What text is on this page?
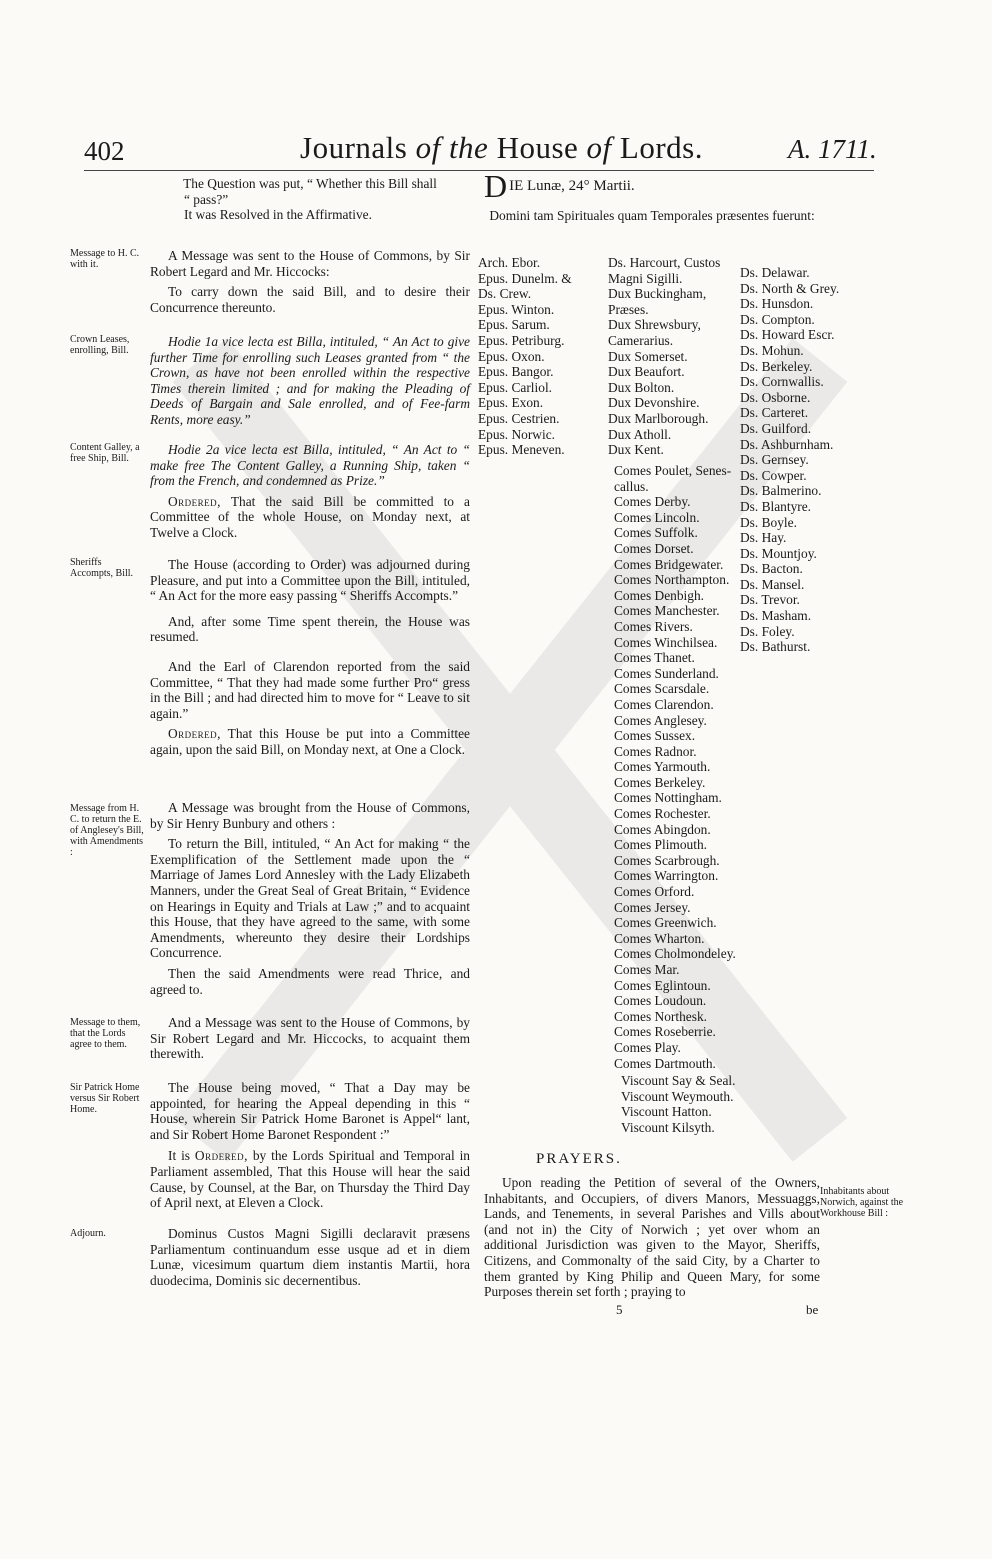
402	Journals of the House of Lords.	A. 1711.
The Question was put, “ Whether this Bill shall
“ pass?”
It was Resolved in the Affirmative.
Message to H. C. with it.

A Message was sent to the House of Commons, by Sir Robert Legard and Mr. Hiccocks:

To carry down the said Bill, and to desire their Concurrence thereunto.

Crown Leases, enrolling, Bill.

Hodie 1a vice lecta est Billa, intituled, “ An Act to give further Time for enrolling such Leases granted from “ the Crown, as have not been enrolled within the respective Times therein limited ; and for making the Pleading of Deeds of Bargain and Sale enrolled, and of Fee-farm Rents, more easy.”

Content Galley, a free Ship, Bill.

Hodie 2a vice lecta est Billa, intituled, “ An Act to “ make free The Content Galley, a Running Ship, taken “ from the French, and condemned as Prize.”

Ordered, That the said Bill be committed to a Committee of the whole House, on Monday next, at Twelve a Clock.

Sheriffs Accompts, Bill.

The House (according to Order) was adjourned during Pleasure, and put into a Committee upon the Bill, intituled, “ An Act for the more easy passing “ Sheriffs Accompts.”

And, after some Time spent therein, the House was resumed.

And the Earl of Clarendon reported from the said Committee, “ That they had made some further Pro“ gress in the Bill ; and had directed him to move for “ Leave to sit again.”

Ordered, That this House be put into a Committee again, upon the said Bill, on Monday next, at One a Clock.

Message from H. C. to return the E. of Anglesey's Bill, with Amendments :

A Message was brought from the House of Commons, by Sir Henry Bunbury and others :

To return the Bill, intituled, “ An Act for making “ the Exemplification of the Settlement made upon the “ Marriage of James Lord Annesley with the Lady Elizabeth Manners, under the Great Seal of Great Britain, “ Evidence on Hearings in Equity and Trials at Law ;” and to acquaint this House, that they have agreed to the same, with some Amendments, whereunto they desire their Lordships Concurrence.

Then the said Amendments were read Thrice, and agreed to.

Message to them, that the Lords agree to them.

And a Message was sent to the House of Commons, by Sir Robert Legard and Mr. Hiccocks, to acquaint them therewith.

Sir Patrick Home versus Sir Robert Home.

The House being moved, “ That a Day may be appointed, for hearing the Appeal depending in this “ House, wherein Sir Patrick Home Baronet is Appel“ lant, and Sir Robert Home Baronet Respondent :”

It is Ordered, by the Lords Spiritual and Temporal in Parliament assembled, That this House will hear the said Cause, by Counsel, at the Bar, on Thursday the Third Day of April next, at Eleven a Clock.

Adjourn.	Dominus Custos Magni Sigilli declaravit præsens Parliamentum continuandum esse usque ad et in diem Lunæ, vicesimum quartum diem instantis Martii, hora duodecima, Dominis sic decernentibus.

DIE Lunæ, 24° Martii.
Domini tam Spirituales quam Temporales præsentes fuerunt:
Arch. Ebor.
Epus. Dunelm. &
Ds. Crew.
Epus. Winton.
Epus. Sarum.
Epus. Petriburg.
Epus. Oxon.
Epus. Bangor.
Epus. Carliol.
Epus. Exon.
Epus. Cestrien.
Epus. Norwic.
Epus. Meneven.
Ds. Harcourt, Custos
Magni Sigilli.
Dux Buckingham,
Præses.
Dux Shrewsbury,
Camerarius.
Dux Somerset.
Dux Beaufort.
Dux Bolton.
Dux Devonshire.
Dux Marlborough.
Dux Atholl.
Dux Kent.
Comes Poulet, Senes-
callus.
Comes Derby.
Comes Lincoln.
Comes Suffolk.
Comes Dorset.
Comes Bridgewater.
Comes Northampton.
Comes Denbigh.
Comes Manchester.
Comes Rivers.
Comes Winchilsea.
Comes Thanet.
Comes Sunderland.
Comes Scarsdale.
Comes Clarendon.
Comes Anglesey.
Comes Sussex.
Comes Radnor.
Comes Yarmouth.
Comes Berkeley.
Comes Nottingham.
Comes Rochester.
Comes Abingdon.
Comes Plimouth.
Comes Scarbrough.
Comes Warrington.
Comes Orford.
Comes Jersey.
Comes Greenwich.
Comes Wharton.
Comes Cholmondeley.
Comes Mar.
Comes Eglintoun.
Comes Loudoun.
Comes Northesk.
Comes Roseberrie.
Comes Play.
Comes Dartmouth.
Viscount Say & Seal.
Viscount Weymouth.
Viscount Hatton.
Viscount Kilsyth.
Ds. Delawar.
Ds. North & Grey.
Ds. Hunsdon.
Ds. Compton.
Ds. Howard Escr.
Ds. Mohun.
Ds. Berkeley.
Ds. Cornwallis.
Ds. Osborne.
Ds. Carteret.
Ds. Guilford.
Ds. Ashburnham.
Ds. Gernsey.
Ds. Cowper.
Ds. Balmerino.
Ds. Blantyre.
Ds. Boyle.
Ds. Hay.
Ds. Mountjoy.
Ds. Bacton.
Ds. Mansel.
Ds. Trevor.
Ds. Masham.
Ds. Foley.
Ds. Bathurst.
PRAYERS.

Upon reading the Petition of several of the Owners, Inhabitants, and Occupiers, of divers Manors, Messuaggs, Lands, and Tenements, in several Parishes and Vills about (and not in) the City of Norwich ; yet over whom an additional Jurisdiction was given to the Mayor, Sheriffs, Citizens, and Commonalty of the said City, by a Charter to them granted by King Philip and Queen Mary, for some Purposes therein set forth ; praying to

Inhabitants about Norwich, against the Workhouse Bill :
5	be
